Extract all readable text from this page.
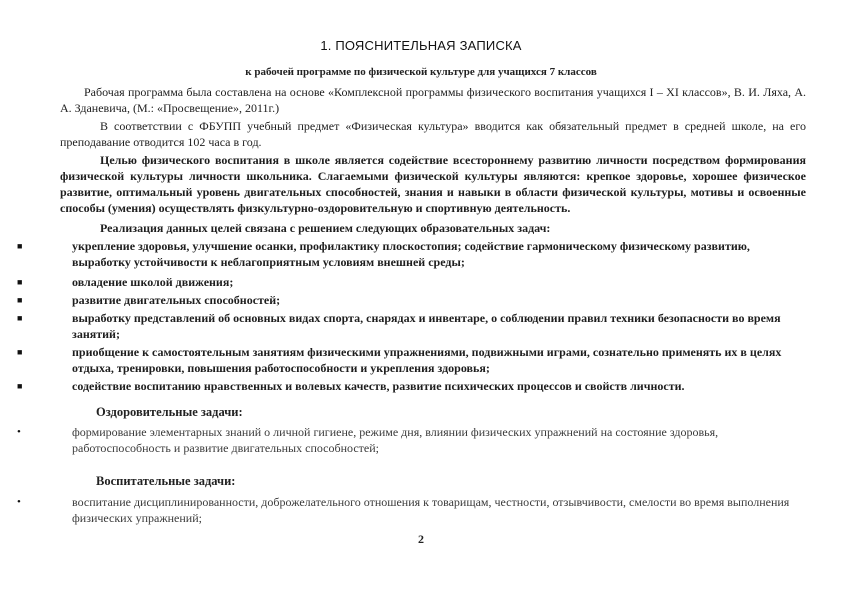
1. ПОЯСНИТЕЛЬНАЯ ЗАПИСКА
к рабочей программе по физической культуре для учащихся 7 классов
Рабочая программа была составлена на основе «Комплексной программы физического воспитания учащихся I – XI классов», В. И. Ляха, А. А. Зданевича, (М.: «Просвещение», 2011г.)
В соответствии с ФБУПП учебный предмет «Физическая культура» вводится как обязательный предмет в средней школе, на его преподавание отводится 102 часа в год.
Целью физического воспитания в школе является содействие всестороннему развитию личности посредством формирования физической культуры личности школьника. Слагаемыми физической культуры являются: крепкое здоровье, хорошее физическое развитие, оптимальный уровень двигательных способностей, знания и навыки в области физической культуры, мотивы и освоенные способы (умения) осуществлять физкультурно-оздоровительную и спортивную деятельность.
Реализация данных целей связана с решением следующих образовательных задач:
■	укрепление здоровья, улучшение осанки, профилактику плоскостопия; содействие гармоническому физическому развитию, выработку устойчивости к неблагоприятным условиям внешней среды;
■	овладение школой движения;
■	развитие двигательных способностей;
■	выработку представлений об основных видах спорта, снарядах и инвентаре, о соблюдении правил техники безопасности во время занятий;
■	приобщение к самостоятельным занятиям физическими упражнениями, подвижными играми, сознательно применять их в целях отдыха, тренировки, повышения работоспособности и укрепления здоровья;
■	содействие воспитанию нравственных и волевых качеств, развитие психических процессов и свойств личности.
Оздоровительные задачи:
•	формирование элементарных знаний о личной гигиене, режиме дня, влиянии физических упражнений на состояние здоровья, работоспособность и развитие двигательных способностей;
Воспитательные задачи:
•	воспитание дисциплинированности, доброжелательного отношения к товарищам, честности, отзывчивости, смелости во время выполнения физических упражнений;
2
